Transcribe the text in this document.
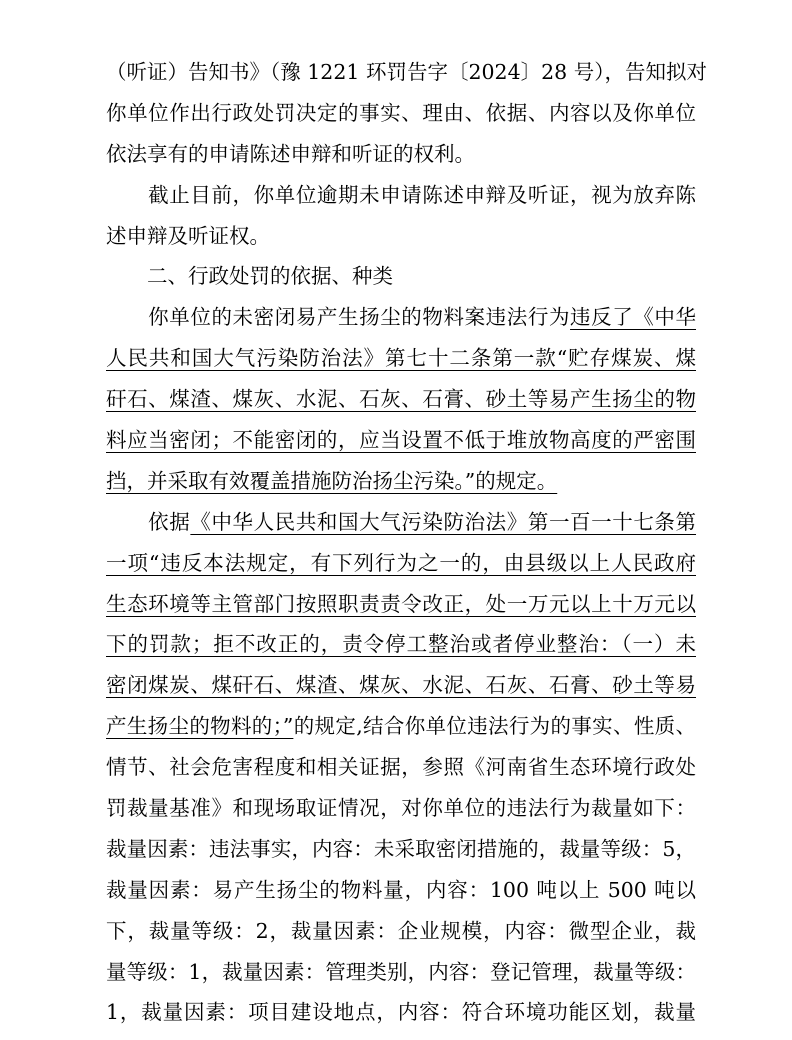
（听证）告知书》（豫 1221 环罚告字〔2024〕28 号），告知拟对
你单位作出行政处罚决定的事实、理由、依据、内容以及你单位
依法享有的申请陈述申辩和听证的权利。
　　截止目前，你单位逾期未申请陈述申辩及听证，视为放弃陈
述申辩及听证权。
　　二、行政处罚的依据、种类
　　你单位的未密闭易产生扬尘的物料案违法行为违反了《中华
人民共和国大气污染防治法》第七十二条第一款“贮存煤炭、煤
矸石、煤渣、煤灰、水泥、石灰、石膏、砂土等易产生扬尘的物
料应当密闭；不能密闭的，应当设置不低于堆放物高度的严密围
挡，并采取有效覆盖措施防治扬尘污染。”的规定。
　　依据《中华人民共和国大气污染防治法》第一百一十七条第
一项“违反本法规定，有下列行为之一的，由县级以上人民政府
生态环境等主管部门按照职责责令改正，处一万元以上十万元以
下的罚款；拒不改正的，责令停工整治或者停业整治：（一）未
密闭煤炭、煤矸石、煤渣、煤灰、水泥、石灰、石膏、砂土等易
产生扬尘的物料的；”的规定,结合你单位违法行为的事实、性质、
情节、社会危害程度和相关证据，参照《河南省生态环境行政处
罚裁量基准》和现场取证情况，对你单位的违法行为裁量如下：
裁量因素：违法事实，内容：未采取密闭措施的，裁量等级：5，
裁量因素：易产生扬尘的物料量，内容：100 吨以上 500 吨以
下，裁量等级：2，裁量因素：企业规模，内容：微型企业，裁
量等级：1，裁量因素：管理类别，内容：登记管理，裁量等级：
1，裁量因素：项目建设地点，内容：符合环境功能区划，裁量
